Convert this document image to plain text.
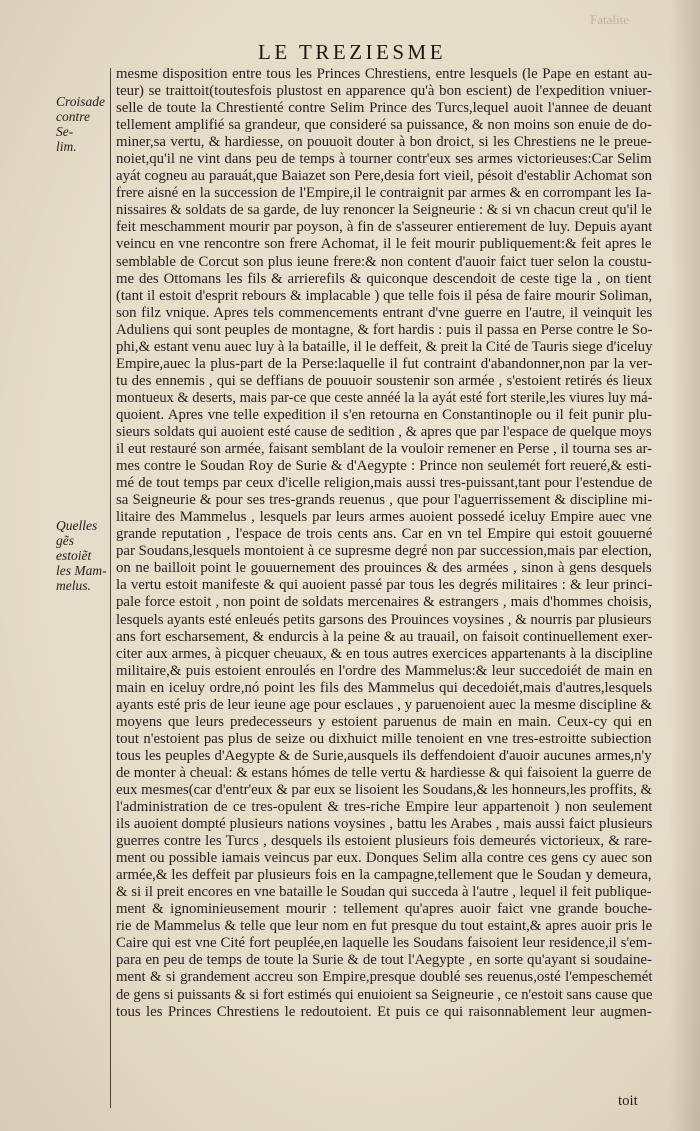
Fatalite
LE TREZIESME
Croisade
contre Se-
lim.
Quelles
gẽs estoiẽt
les Mam-
melus.
mesme disposition entre tous les Princes Chrestiens, entre lesquels (le Pape en estant au-
teur) se traittoit(toutesfois plustost en apparence qu'à bon escient) de l'expedition vniuer-
selle de toute la Chrestienté contre Selim Prince des Turcs,lequel auoit l'annee de deuant
tellement amplifié sa grandeur, que consideré sa puissance, & non moins son enuie de do-
miner,sa vertu, & hardiesse, on pouuoit douter à bon droict, si les Chrestiens ne le preue-
noiet,qu'il ne vint dans peu de temps à tourner contr'eux ses armes victorieuses:Car Selim
ayát cogneu au parauát,que Baiazet son Pere,desia fort vieil, pésoit d'establir Achomat son
frere aisné en la succession de l'Empire,il le contraignit par armes & en corrompant les Ia-
nissaires & soldats de sa garde, de luy renoncer la Seigneurie : & si vn chacun creut qu'il le
feit meschamment mourir par poyson, à fin de s'asseurer entierement de luy. Depuis ayant
veincu en vne rencontre son frere Achomat, il le feit mourir publiquement:& feit apres le
semblable de Corcut son plus ieune frere:& non content d'auoir faict tuer selon la coustu-
me des Ottomans les fils & arrierefils & quiconque descendoit de ceste tige la , on tient
(tant il estoit d'esprit rebours & implacable ) que telle fois il pésa de faire mourir Soliman,
son filz vnique. Apres tels commencements entrant d'vne guerre en l'autre, il veinquit les
Aduliens qui sont peuples de montagne, & fort hardis : puis il passa en Perse contre le So-
phi,& estant venu auec luy à la bataille, il le deffeit, & preit la Cité de Tauris siege d'iceluy
Empire,auec la plus-part de la Perse:laquelle il fut contraint d'abandonner,non par la ver-
tu des ennemis , qui se deffians de pouuoir soustenir son armée , s'estoient retirés és lieux
montueux & deserts, mais par-ce que ceste annéé la la ayát esté fort sterile,les viures luy má-
quoient. Apres vne telle expedition il s'en retourna en Constantinople ou il feit punir plu-
sieurs soldats qui auoient esté cause de sedition , & apres que par l'espace de quelque moys
il eut restauré son armée, faisant semblant de la vouloir remener en Perse , il tourna ses ar-
mes contre le Soudan Roy de Surie & d'Aegypte : Prince non seulemét fort reueré,& esti-
mé de tout temps par ceux d'icelle religion,mais aussi tres-puissant,tant pour l'estendue de
sa Seigneurie & pour ses tres-grands reuenus , que pour l'aguerrissement & discipline mi-
litaire des Mammelus , lesquels par leurs armes auoient possedé iceluy Empire auec vne
grande reputation , l'espace de trois cents ans. Car en vn tel Empire qui estoit gouuerné
par Soudans,lesquels montoient à ce supresme degré non par succession,mais par election,
on ne bailloit point le gouuernement des prouinces & des armées , sinon à gens desquels
la vertu estoit manifeste & qui auoient passé par tous les degrés militaires : & leur princi-
pale force estoit , non point de soldats mercenaires & estrangers , mais d'hommes choisis,
lesquels ayants esté enleués petits garsons des Prouinces voysines , & nourris par plusieurs
ans fort escharsement, & endurcis à la peine & au trauail, on faisoit continuellement exer-
citer aux armes, à picquer cheuaux, & en tous autres exercices appartenants à la discipline
militaire,& puis estoient enroulés en l'ordre des Mammelus:& leur succedoiét de main en
main en iceluy ordre,nó point les fils des Mammelus qui decedoiét,mais d'autres,lesquels
ayants esté pris de leur ieune age pour esclaues , y paruenoient auec la mesme discipline &
moyens que leurs predecesseurs y estoient paruenus de main en main. Ceux-cy qui en
tout n'estoient pas plus de seize ou dixhuict mille tenoient en vne tres-estroitte subiection
tous les peuples d'Aegypte & de Surie,ausquels ils deffendoient d'auoir aucunes armes,n'y
de monter à cheual: & estans hómes de telle vertu & hardiesse & qui faisoient la guerre de
eux mesmes(car d'entr'eux & par eux se lisoient les Soudans,& les honneurs,les proffits, &
l'administration de ce tres-opulent & tres-riche Empire leur appartenoit ) non seulement
ils auoient dompté plusieurs nations voysines , battu les Arabes , mais aussi faict plusieurs
guerres contre les Turcs , desquels ils estoient plusieurs fois demeurés victorieux, & rare-
ment ou possible iamais veincus par eux. Donques Selim alla contre ces gens cy auec son
armée,& les deffeit par plusieurs fois en la campagne,tellement que le Soudan y demeura,
& si il preit encores en vne bataille le Soudan qui succeda à l'autre , lequel il feit publique-
ment & ignominieusement mourir : tellement qu'apres auoir faict vne grande bouche-
rie de Mammelus & telle que leur nom en fut presque du tout estaint,& apres auoir pris le
Caire qui est vne Cité fort peuplée,en laquelle les Soudans faisoient leur residence,il s'em-
para en peu de temps de toute la Surie & de tout l'Aegypte , en sorte qu'ayant si soudaine-
ment & si grandement accreu son Empire,presque doublé ses reuenus,osté l'empeschemét
de gens si puissants & si fort estimés qui enuioient sa Seigneurie , ce n'estoit sans cause que
tous les Princes Chrestiens le redoutoient. Et puis ce qui raisonnablement leur augmen-
toit
